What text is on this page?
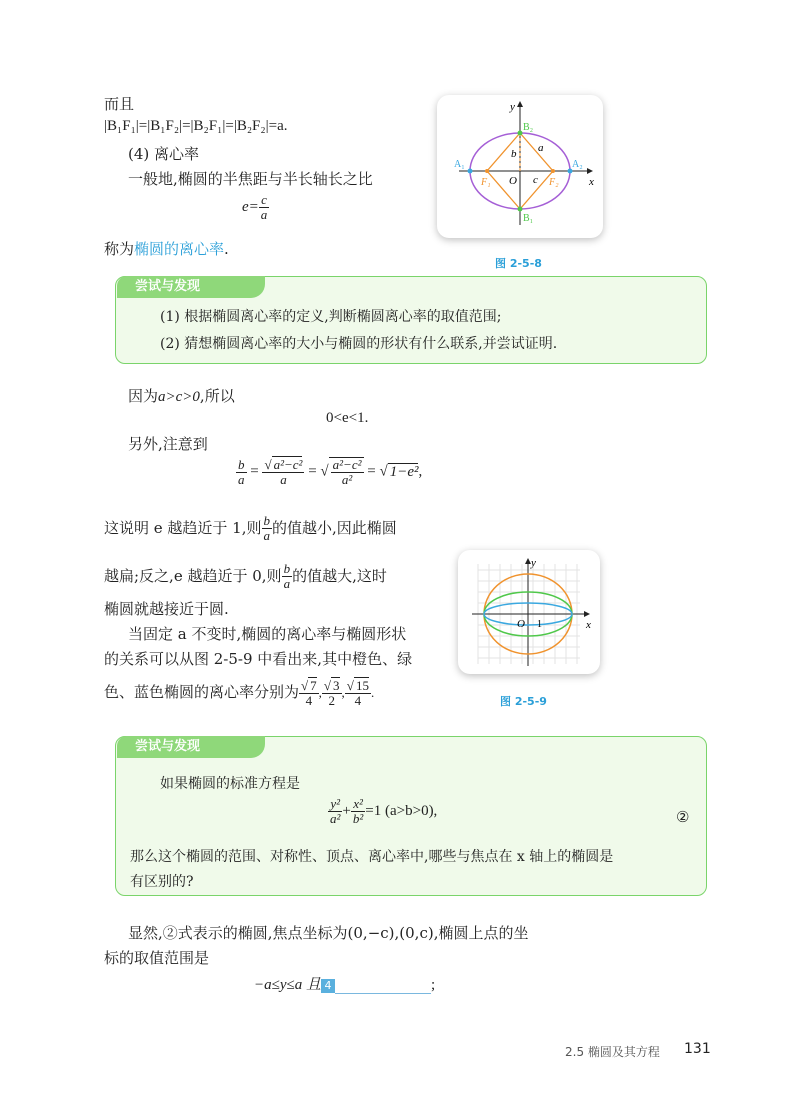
而且
|B₁F₁|=|B₁F₂|=|B₂F₁|=|B₂F₂|=a.
(4) 离心率
一般地,椭圆的半焦距与半长轴长之比
$e= \frac{c}{a}$
称为椭圆的离心率.
y
x
O
B₂
B₁
A₁	A₂
F₁	F₂
b a
c
图 2-5-8
尝试与发现
(1) 根据椭圆离心率的定义,判断椭圆离心率的取值范围;
(2) 猜想椭圆离心率的大小与椭圆的形状有什么联系,并尝试证明.
因为a>c>0,所以
0<e<1.
另外,注意到
$\frac{b}{a} = \frac{\text{√ a²−c²}}{a}$ = √ $\frac{\text{a²−c²}}{\text{a²}}$ = √ 1−e²,
这说明 e 越趋近于 1,则 $\frac{b}{a}$ 的值越小,因此椭圆
越扁;反之,e 越趋近于 0,则 $\frac{b}{a}$ 的值越大,这时
椭圆就越接近于圆.
当固定 a 不变时,椭圆的离心率与椭圆形状
的关系可以从图 2-5-9 中看出来,其中橙色、绿
色、蓝色椭圆的离心率分别为 $\frac{√ 7}{4}$ , $\frac{√ 3}{2}$ , $\frac{√ 15}{4}$ .
y
x
O 1
图 2-5-9
尝试与发现
如果椭圆的标准方程是
$\frac{\text{y²}}{\text{a²}} + \frac{\text{x²}}{\text{b²}} =1$ (a>b>0),	②
那么这个椭圆的范围、对称性、顶点、离心率中,哪些与焦点在 x 轴上的椭圆是
有区别的?
显然,②式表示的椭圆,焦点坐标为(0,−c),(0,c),椭圆上点的坐
标的取值范围是
−a≤y≤a 且 4	;
2.5 椭圆及其方程 131
